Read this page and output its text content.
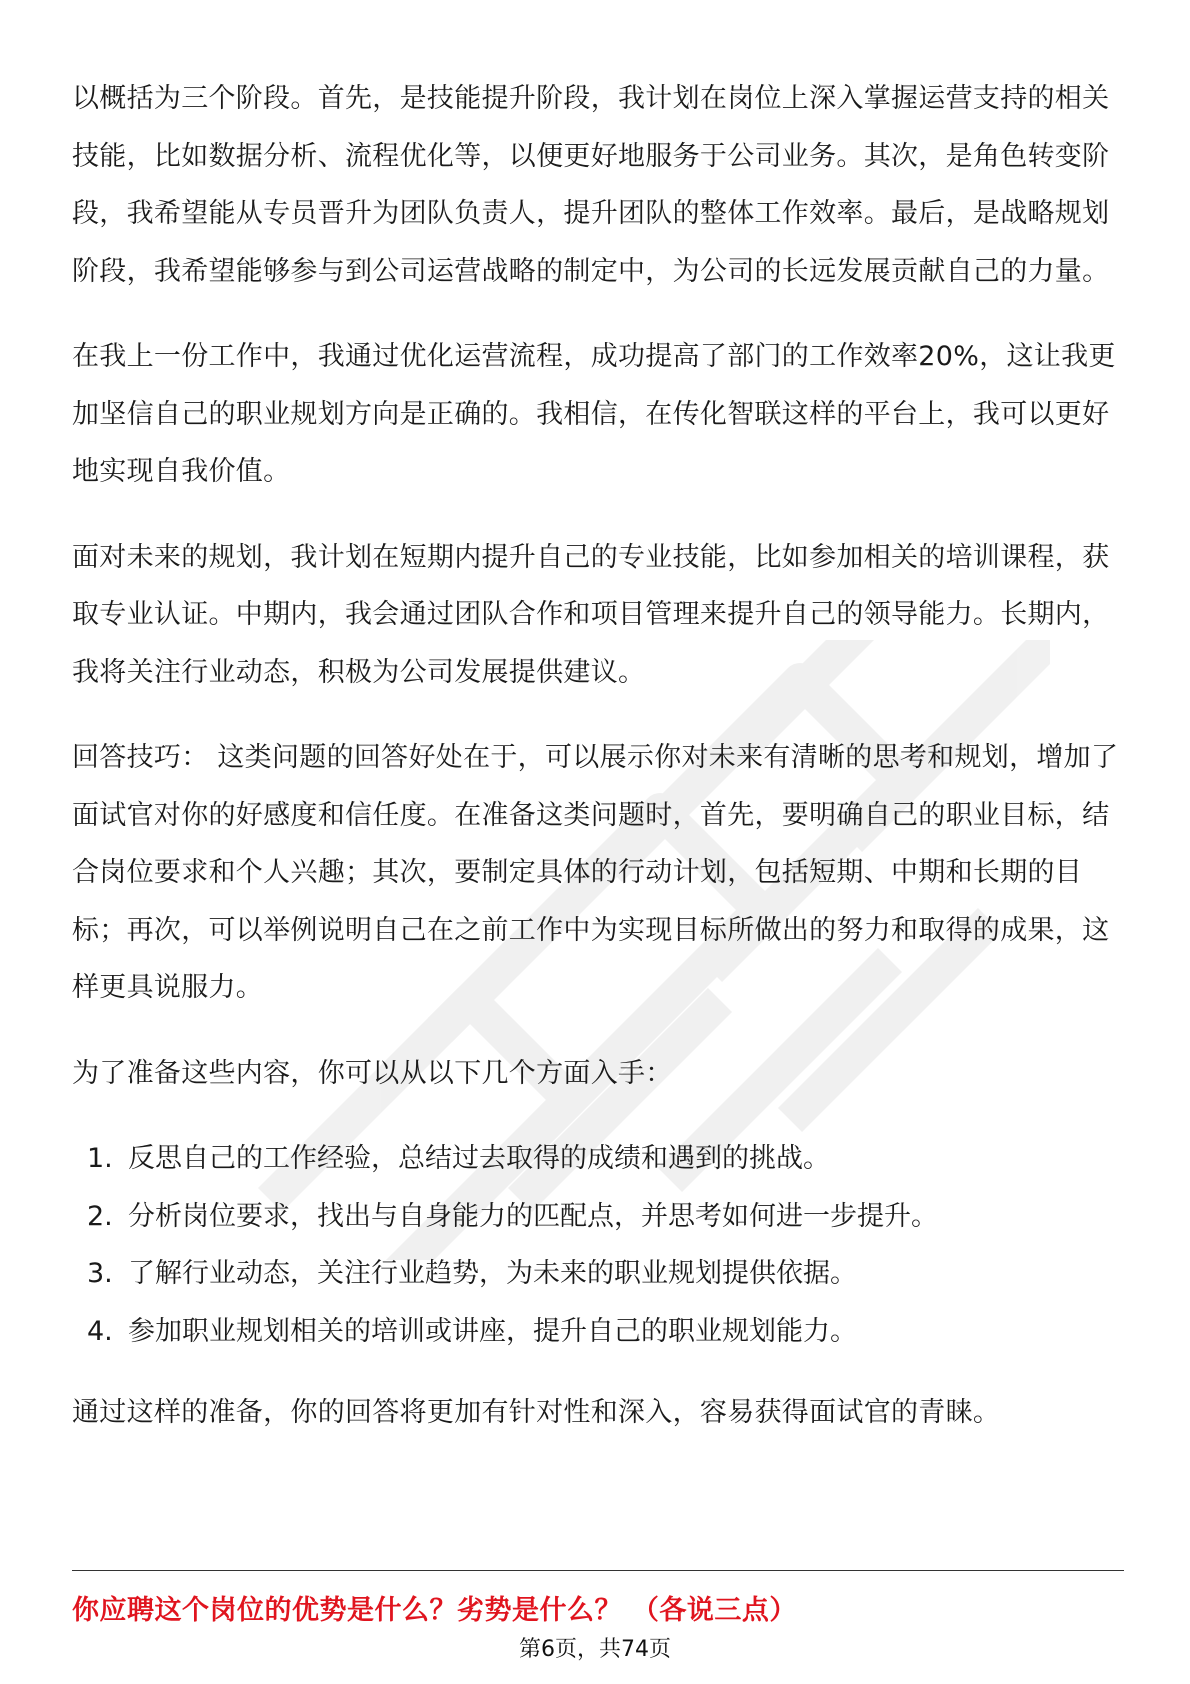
以概括为三个阶段。首先，是技能提升阶段，我计划在岗位上深入掌握运营支持的相关技能，比如数据分析、流程优化等，以便更好地服务于公司业务。其次，是角色转变阶段，我希望能从专员晋升为团队负责人，提升团队的整体工作效率。最后，是战略规划阶段，我希望能够参与到公司运营战略的制定中，为公司的长远发展贡献自己的力量。

在我上一份工作中，我通过优化运营流程，成功提高了部门的工作效率20%，这让我更加坚信自己的职业规划方向是正确的。我相信，在传化智联这样的平台上，我可以更好地实现自我价值。

面对未来的规划，我计划在短期内提升自己的专业技能，比如参加相关的培训课程，获取专业认证。中期内，我会通过团队合作和项目管理来提升自己的领导能力。长期内，我将关注行业动态，积极为公司发展提供建议。

回答技巧： 这类问题的回答好处在于，可以展示你对未来有清晰的思考和规划，增加了面试官对你的好感度和信任度。在准备这类问题时，首先，要明确自己的职业目标，结合岗位要求和个人兴趣；其次，要制定具体的行动计划，包括短期、中期和长期的目标；再次，可以举例说明自己在之前工作中为实现目标所做出的努力和取得的成果，这样更具说服力。

为了准备这些内容，你可以从以下几个方面入手：

1. 反思自己的工作经验，总结过去取得的成绩和遇到的挑战。
2. 分析岗位要求，找出与自身能力的匹配点，并思考如何进一步提升。
3. 了解行业动态，关注行业趋势，为未来的职业规划提供依据。
4. 参加职业规划相关的培训或讲座，提升自己的职业规划能力。

通过这样的准备，你的回答将更加有针对性和深入，容易获得面试官的青睐。

你应聘这个岗位的优势是什么？劣势是什么？ （各说三点）
第6页，共74页
